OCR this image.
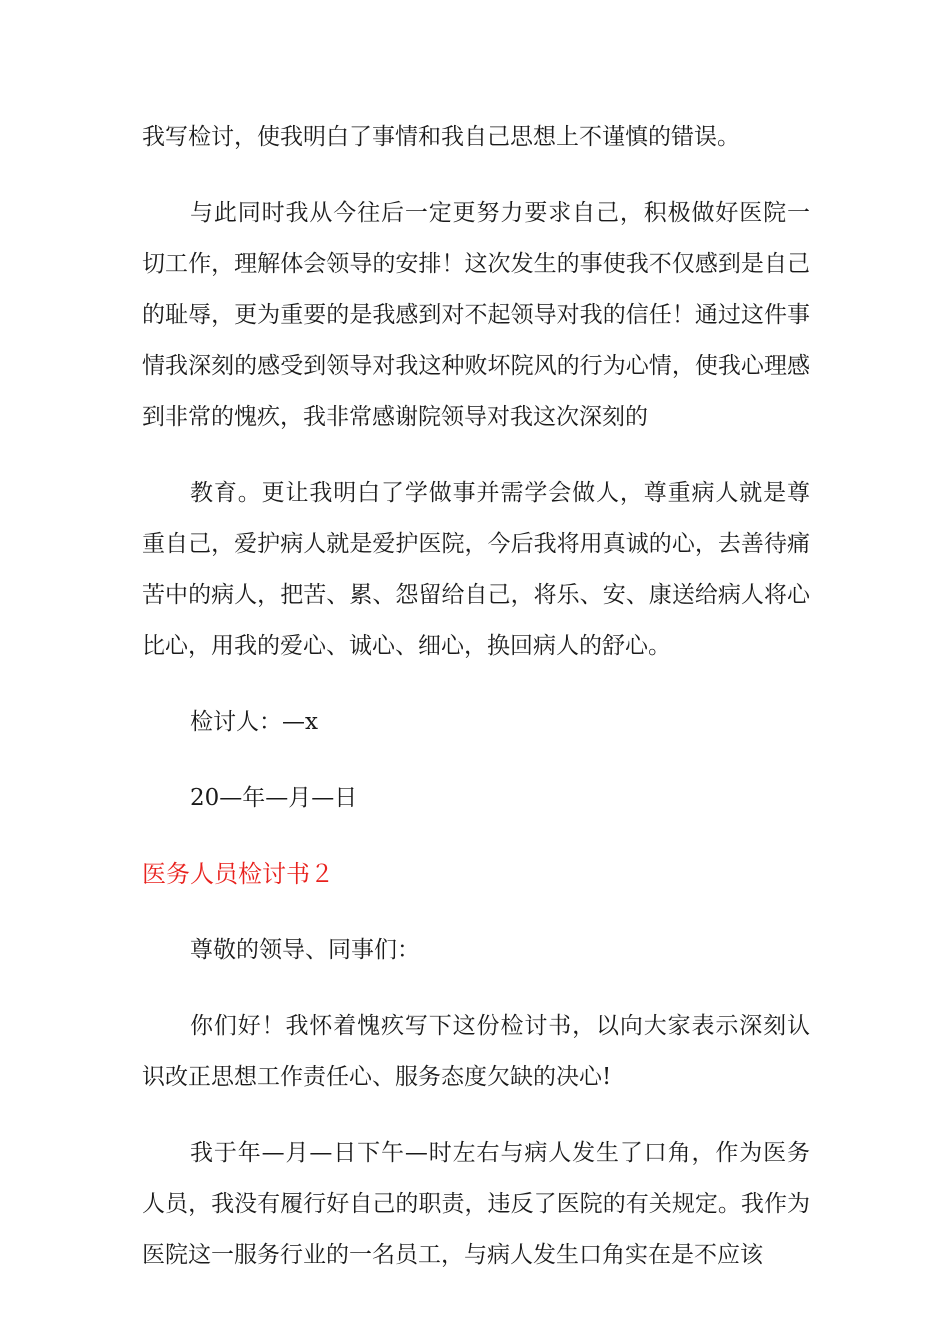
我写检讨，使我明白了事情和我自己思想上不谨慎的错误。

与此同时我从今往后一定更努力要求自己，积极做好医院一切工作，理解体会领导的安排！这次发生的事使我不仅感到是自己的耻辱，更为重要的是我感到对不起领导对我的信任！通过这件事情我深刻的感受到领导对我这种败坏院风的行为心情，使我心理感到非常的愧疚，我非常感谢院领导对我这次深刻的

教育。更让我明白了学做事并需学会做人，尊重病人就是尊重自己，爱护病人就是爱护医院，今后我将用真诚的心，去善待痛苦中的病人，把苦、累、怨留给自己，将乐、安、康送给病人将心比心，用我的爱心、诚心、细心，换回病人的舒心。

检讨人：—x

20—年—月—日

医务人员检讨书２

尊敬的领导、同事们：

你们好！我怀着愧疚写下这份检讨书，以向大家表示深刻认识改正思想工作责任心、服务态度欠缺的决心!

我于年—月—日下午—时左右与病人发生了口角，作为医务人员，我没有履行好自己的职责，违反了医院的有关规定。我作为医院这一服务行业的一名员工，与病人发生口角实在是不应该
